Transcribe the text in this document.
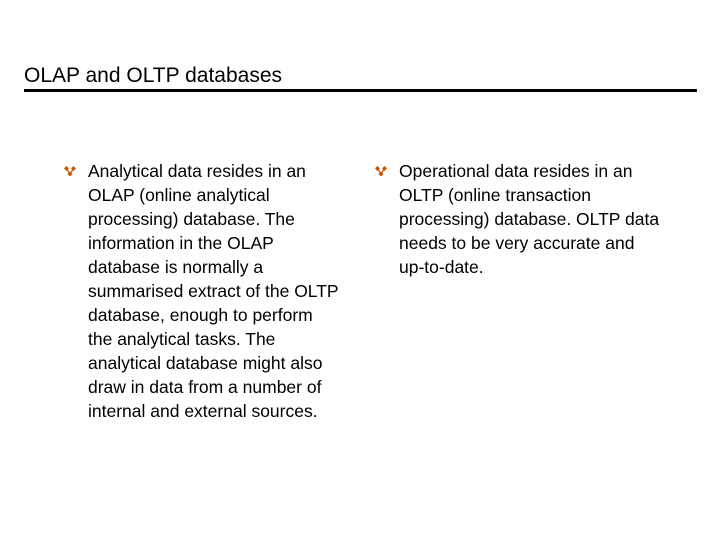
OLAP and OLTP databases
Analytical data resides in an OLAP (online analytical processing) database. The information in the OLAP database is normally a summarised extract of the OLTP database, enough to perform the analytical tasks. The analytical database might also draw in data from a number of internal and external sources.
Operational data resides in an OLTP (online transaction processing) database. OLTP data needs to be very accurate and up-to-date.
